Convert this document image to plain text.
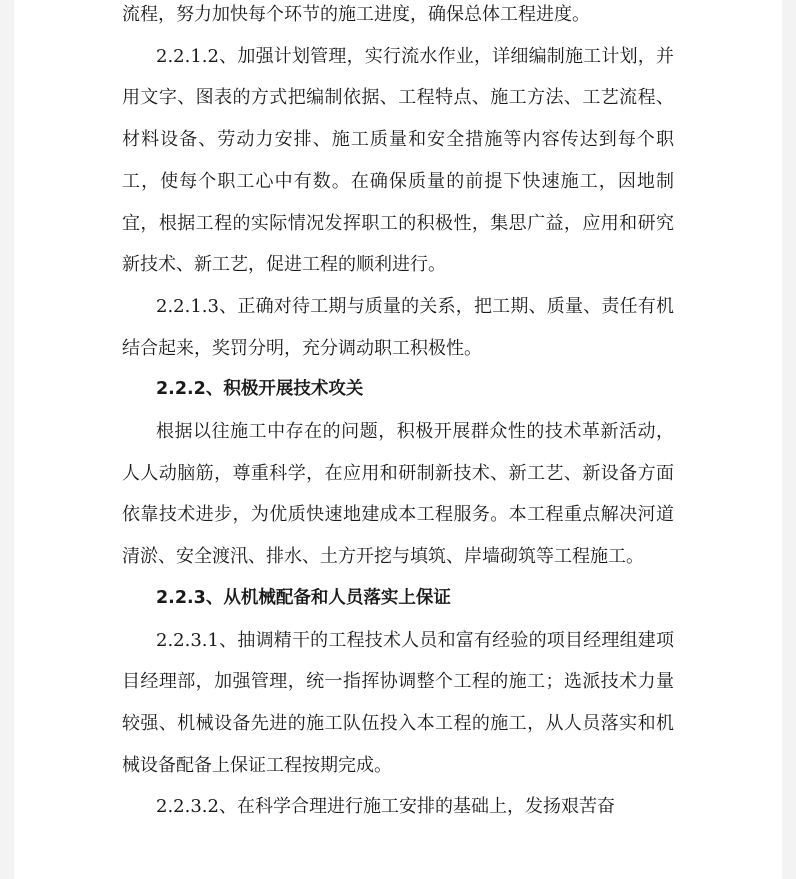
流程，努力加快每个环节的施工进度，确保总体工程进度。

2.2.1.2、加强计划管理，实行流水作业，详细编制施工计划，并用文字、图表的方式把编制依据、工程特点、施工方法、工艺流程、材料设备、劳动力安排、施工质量和安全措施等内容传达到每个职工，使每个职工心中有数。在确保质量的前提下快速施工，因地制宜，根据工程的实际情况发挥职工的积极性，集思广益，应用和研究新技术、新工艺，促进工程的顺利进行。

2.2.1.3、正确对待工期与质量的关系，把工期、质量、责任有机结合起来，奖罚分明，充分调动职工积极性。

2.2.2、积极开展技术攻关

根据以往施工中存在的问题，积极开展群众性的技术革新活动，人人动脑筋，尊重科学，在应用和研制新技术、新工艺、新设备方面依靠技术进步，为优质快速地建成本工程服务。本工程重点解决河道清淤、安全渡汛、排水、土方开挖与填筑、岸墙砌筑等工程施工。

2.2.3、从机械配备和人员落实上保证

2.2.3.1、抽调精干的工程技术人员和富有经验的项目经理组建项目经理部，加强管理，统一指挥协调整个工程的施工；选派技术力量较强、机械设备先进的施工队伍投入本工程的施工，从人员落实和机械设备配备上保证工程按期完成。

2.2.3.2、在科学合理进行施工安排的基础上，发扬艰苦奋
